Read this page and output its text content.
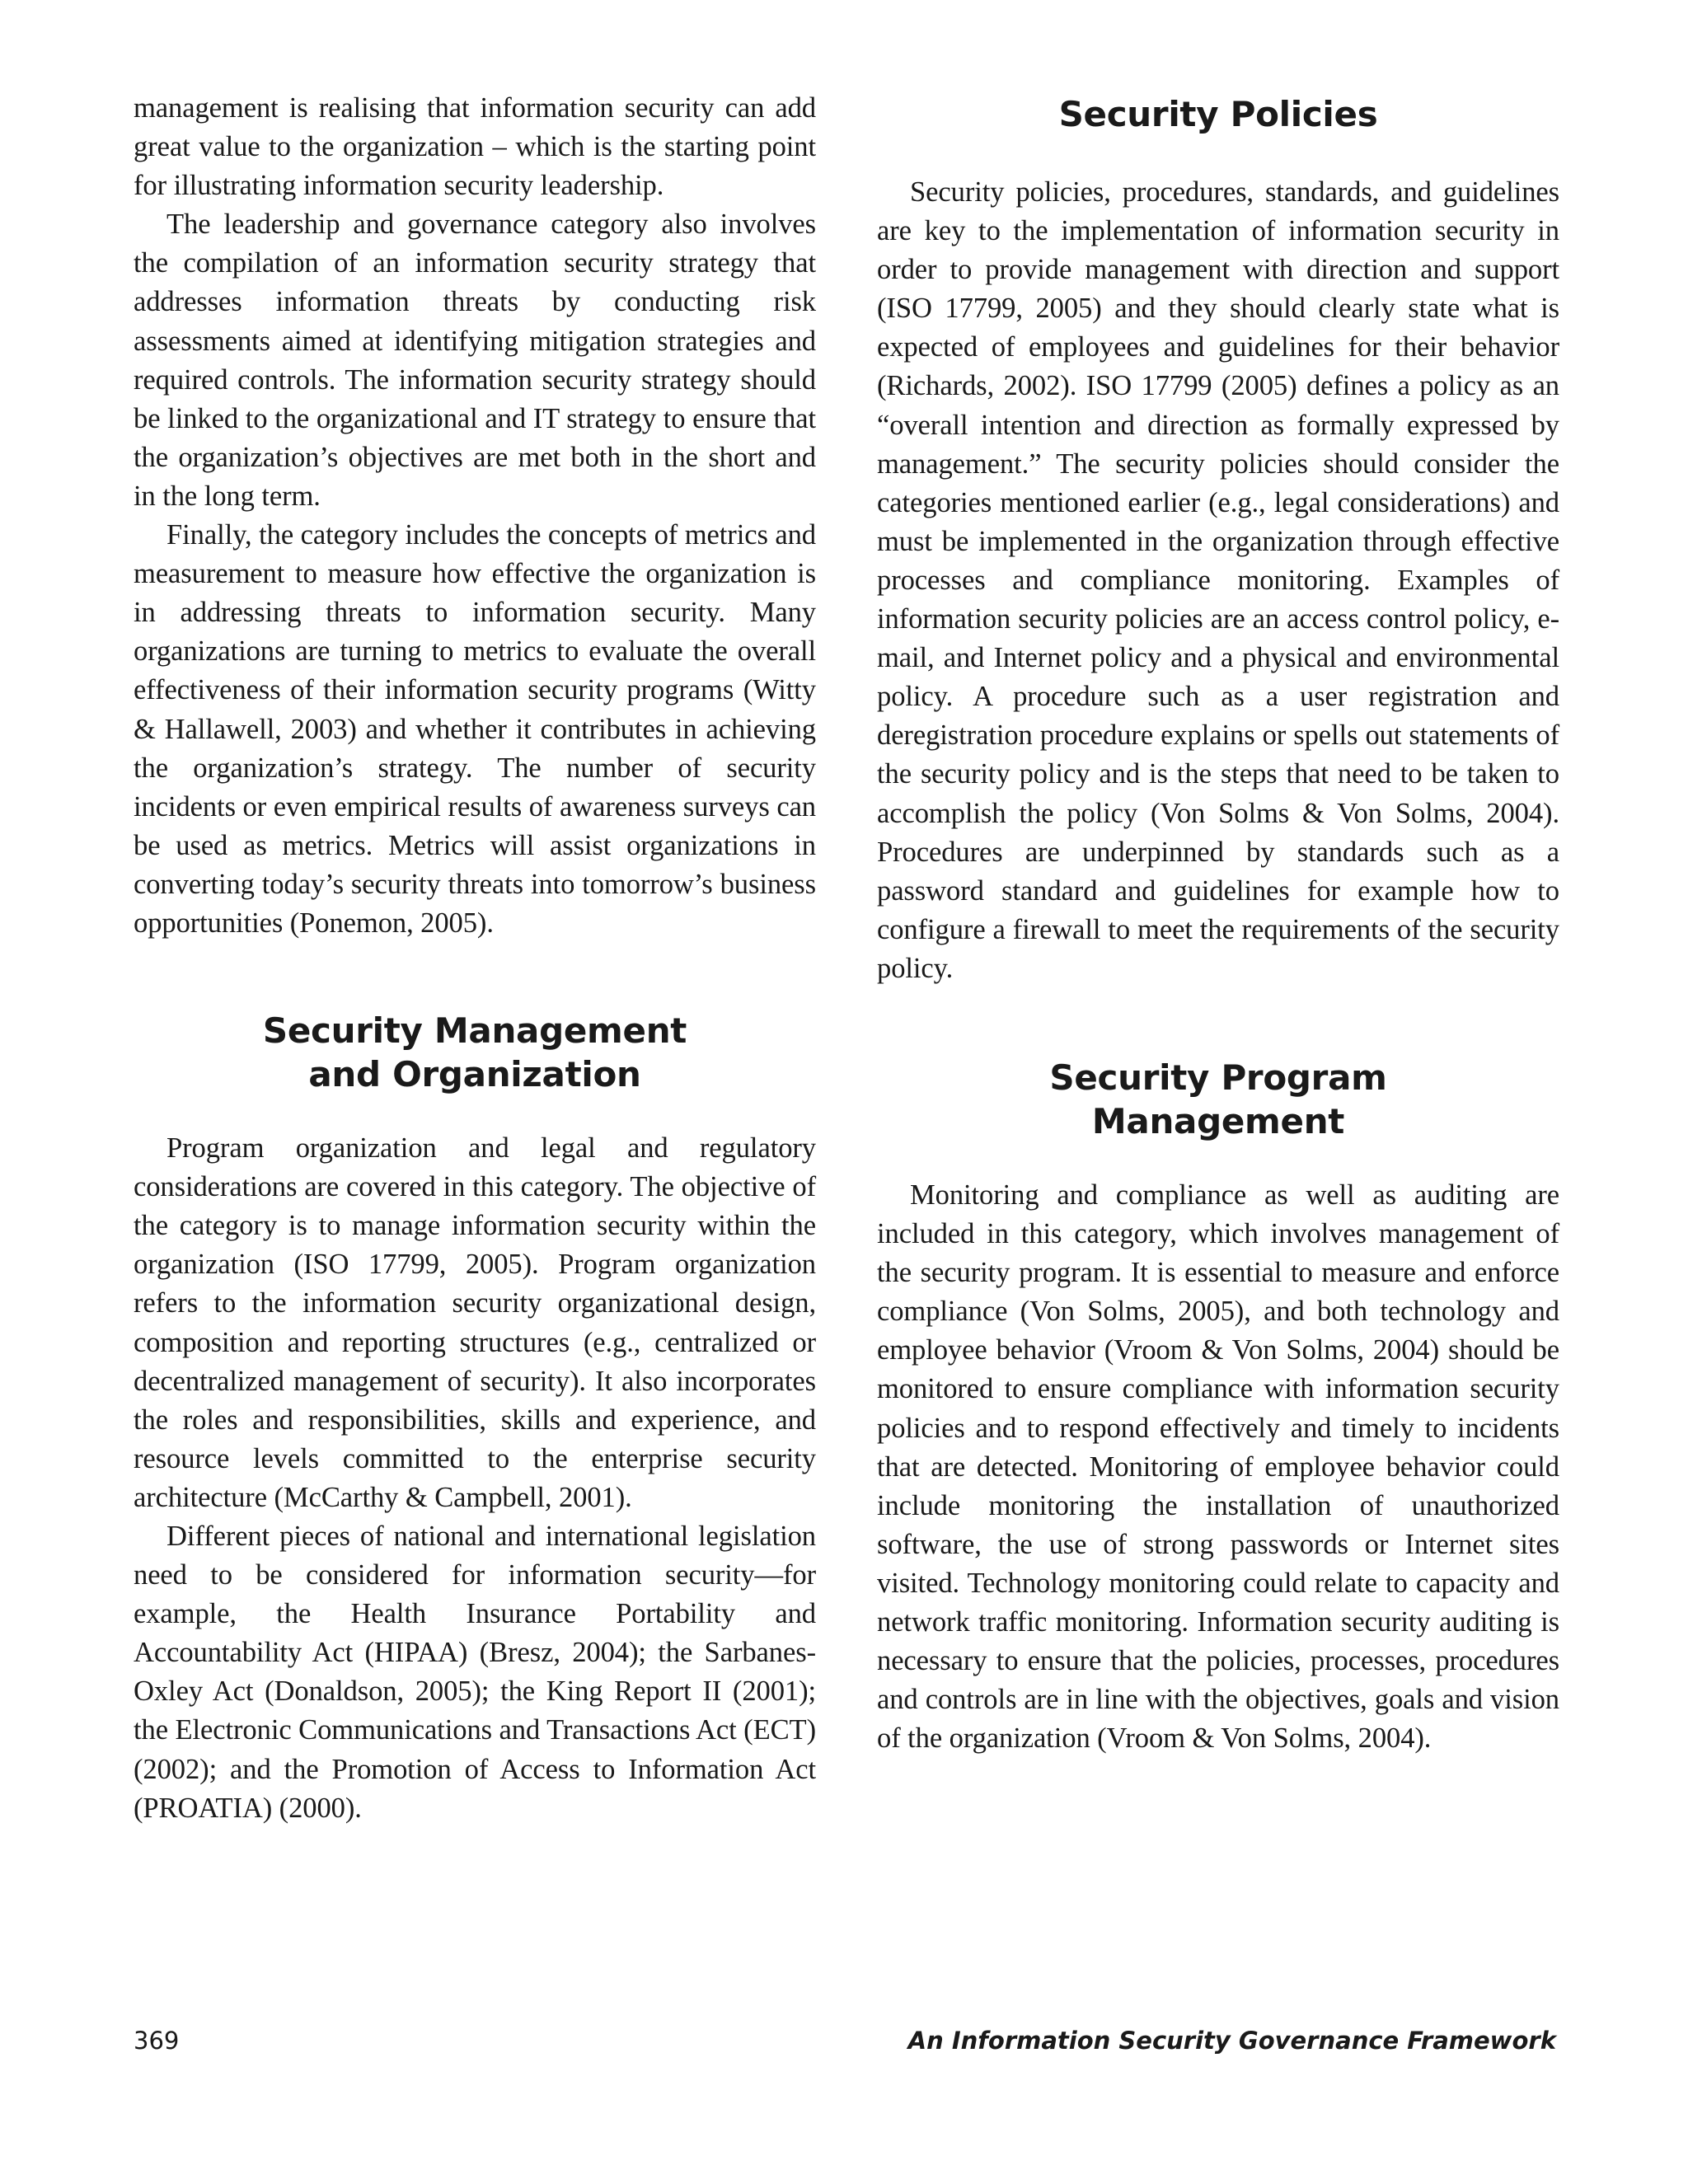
management is realising that information security can add great value to the organization – which is the starting point for illustrating information security leadership.

The leadership and governance category also involves the compilation of an information security strategy that addresses information threats by conducting risk assessments aimed at identifying mitigation strategies and required controls. The information security strategy should be linked to the organizational and IT strategy to ensure that the organization’s objectives are met both in the short and in the long term.

Finally, the category includes the concepts of metrics and measurement to measure how effective the organization is in addressing threats to information security. Many organizations are turning to metrics to evaluate the overall effectiveness of their information security programs (Witty & Hallawell, 2003) and whether it contributes in achieving the organization’s strategy. The number of security incidents or even empirical results of awareness surveys can be used as metrics. Metrics will assist organizations in converting today’s security threats into tomorrow’s business opportunities (Ponemon, 2005).

Security Management
and Organization

Program organization and legal and regulatory considerations are covered in this category. The objective of the category is to manage information security within the organization (ISO 17799, 2005). Program organization refers to the information security organizational design, composition and reporting structures (e.g., centralized or decentralized management of security). It also incorporates the roles and responsibilities, skills and experience, and resource levels committed to the enterprise security architecture (McCarthy & Campbell, 2001).

Different pieces of national and international legislation need to be considered for information security—for example, the Health Insurance Portability and Accountability Act (HIPAA) (Bresz, 2004); the Sarbanes-Oxley Act (Donaldson, 2005); the King Report II (2001); the Electronic Communications and Transactions Act (ECT) (2002); and the Promotion of Access to Information Act (PROATIA) (2000).

Security Policies

Security policies, procedures, standards, and guidelines are key to the implementation of information security in order to provide management with direction and support (ISO 17799, 2005) and they should clearly state what is expected of employees and guidelines for their behavior (Richards, 2002). ISO 17799 (2005) defines a policy as an “overall intention and direction as formally expressed by management.” The security policies should consider the categories mentioned earlier (e.g., legal considerations) and must be implemented in the organization through effective processes and compliance monitoring. Examples of information security policies are an access control policy, e-mail, and Internet policy and a physical and environmental policy. A procedure such as a user registration and deregistration procedure explains or spells out statements of the security policy and is the steps that need to be taken to accomplish the policy (Von Solms & Von Solms, 2004). Procedures are underpinned by standards such as a password standard and guidelines for example how to configure a firewall to meet the requirements of the security policy.

Security Program
Management

Monitoring and compliance as well as auditing are included in this category, which involves management of the security program. It is essential to measure and enforce compliance (Von Solms, 2005), and both technology and employee behavior (Vroom & Von Solms, 2004) should be monitored to ensure compliance with information security policies and to respond effectively and timely to incidents that are detected. Monitoring of employee behavior could include monitoring the installation of unauthorized software, the use of strong passwords or Internet sites visited. Technology monitoring could relate to capacity and network traffic monitoring. Information security auditing is necessary to ensure that the policies, processes, procedures and controls are in line with the objectives, goals and vision of the organization (Vroom & Von Solms, 2004).

369	An Information Security Governance Framework
